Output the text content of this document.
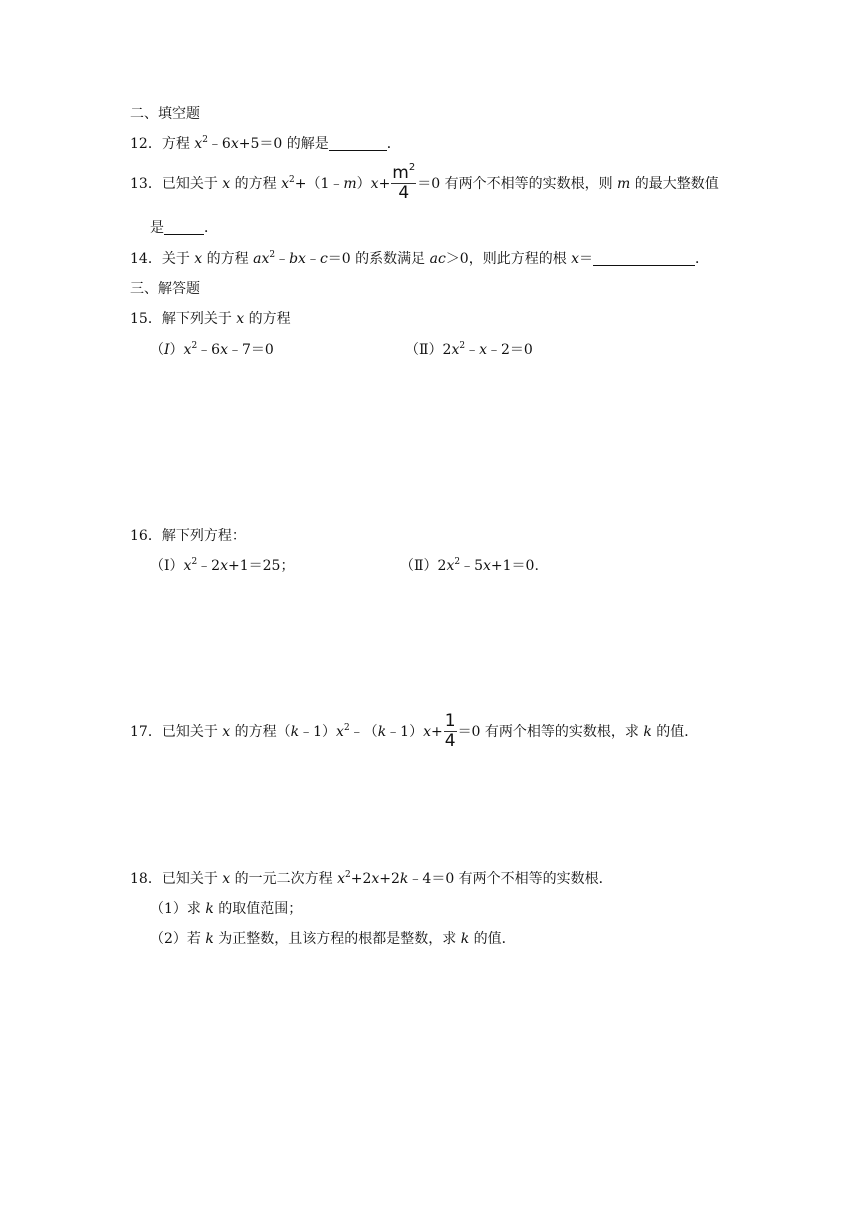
二、填空题
12．方程 $x^2﹣6x+5=0$ 的解是	．
13．已知关于 x 的方程 $x^2+(1﹣m)x+ \frac{m^2}{4} =0$ 有两个不相等的实数根，则 m 的最大整数值
是	．
14．关于 x 的方程 $ax^2﹣bx﹣c=0$ 的系数满足 ac＞0，则此方程的根 x＝	．
三、解答题
15．解下列关于 x 的方程
$(I)x^2﹣6x﹣7=0$	$(Ⅱ)2x^2﹣x﹣2=0$
16．解下列方程：
$(Ⅰ)x^2﹣2x+1=25$；	$(Ⅱ)2x^2﹣5x+1=0$.
17．已知关于 x 的方程$(k﹣1)x^2﹣(k﹣1)x+ \frac{1}{4} =0$ 有两个相等的实数根，求 k 的值．
18．已知关于 x 的一元二次方程 $x^2+2x+2k﹣4=0$ 有两个不相等的实数根．
（1）求 k 的取值范围；
（2）若 k 为正整数，且该方程的根都是整数，求 k 的值．
